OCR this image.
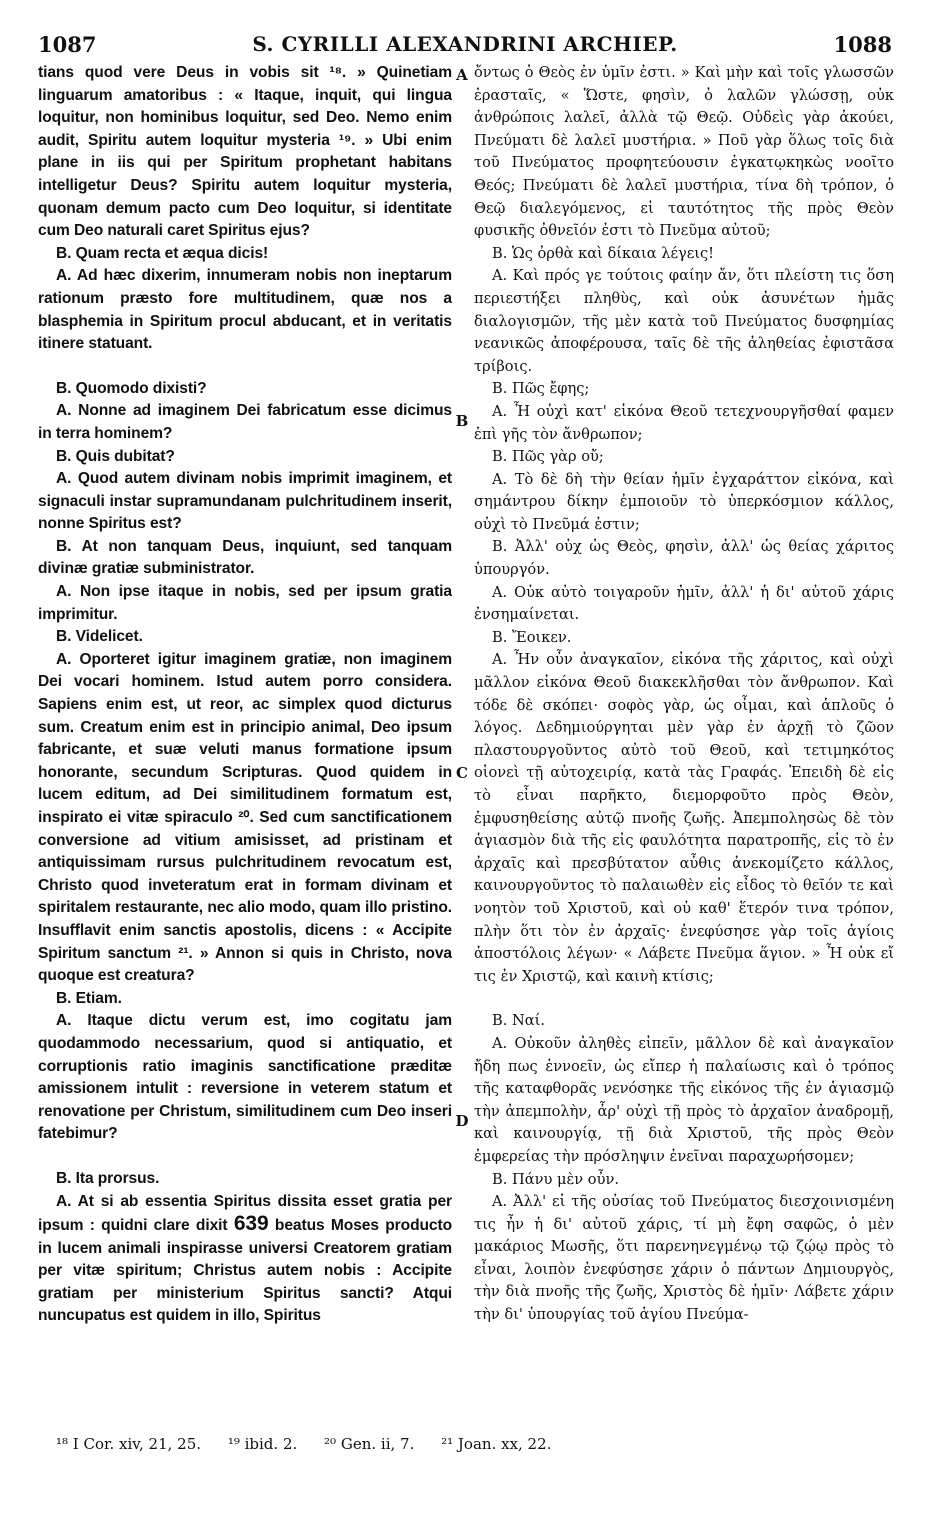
1087	S. CYRILLI ALEXANDRINI ARCHIEP.	1088

tians quod vere Deus in vobis sit ¹⁸. » Quinetiam linguarum amatoribus : « Itaque, inquit, qui lingua loquitur, non hominibus loquitur, sed Deo. Nemo enim audit, Spiritu autem loquitur mysteria ¹⁹. » Ubi enim plane in iis qui per Spiritum prophetant habitans intelligetur Deus? Spiritu autem loquitur mysteria, quonam demum pacto cum Deo loquitur, si identitate cum Deo naturali caret Spiritus ejus?

B. Quam recta et æqua dicis!

A. Ad hæc dixerim, innumeram nobis non ineptarum rationum præsto fore multitudinem, quæ nos a blasphemia in Spiritum procul abducant, et in veritatis itinere statuant.

B. Quomodo dixisti?

A. Nonne ad imaginem Dei fabricatum esse dicimus in terra hominem?

B. Quis dubitat?

A. Quod autem divinam nobis imprimit imaginem, et signaculi instar supramundanam pulchritudinem inserit, nonne Spiritus est?

B. At non tanquam Deus, inquiunt, sed tanquam divinæ gratiæ subministrator.

A. Non ipse itaque in nobis, sed per ipsum gratia imprimitur.

B. Videlicet.

A. Oporteret igitur imaginem gratiæ, non imaginem Dei vocari hominem. Istud autem porro considera. Sapiens enim est, ut reor, ac simplex quod dicturus sum. Creatum enim est in principio animal, Deo ipsum fabricante, et suæ veluti manus formatione ipsum honorante, secundum Scripturas. Quod quidem in lucem editum, ad Dei similitudinem formatum est, inspirato ei vitæ spiraculo ²⁰. Sed cum sanctificationem conversione ad vitium amisisset, ad pristinam et antiquissimam rursus pulchritudinem revocatum est, Christo quod inveteratum erat in formam divinam et spiritalem restaurante, nec alio modo, quam illo pristino. Insufflavit enim sanctis apostolis, dicens : « Accipite Spiritum sanctum ²¹. » Annon si quis in Christo, nova quoque est creatura?

B. Etiam.

A. Itaque dictu verum est, imo cogitatu jam quodammodo necessarium, quod si antiquatio, et corruptionis ratio imaginis sanctificatione præditæ amissionem intulit : reversione in veterem statum et renovatione per Christum, similitudinem cum Deo inseri fatebimur?

B. Ita prorsus.

A. At si ab essentia Spiritus dissita esset gratia per ipsum : quidni clare dixit 639 beatus Moses producto in lucem animali inspirasse universi Creatorem gratiam per vitæ spiritum; Christus autem nobis : Accipite gratiam per ministerium Spiritus sancti? Atqui nuncupatus est quidem in illo, Spiritus

A
B
C
D

ὄντως ὁ Θεὸς ἐν ὑμῖν ἐστι. » Καὶ μὴν καὶ τοῖς γλωσσῶν ἐρασταῖς, « Ὥστε, φησὶν, ὁ λαλῶν γλώσσῃ, οὐκ ἀνθρώποις λαλεῖ, ἀλλὰ τῷ Θεῷ. Οὐδεὶς γὰρ ἀκούει, Πνεύματι δὲ λαλεῖ μυστήρια. » Ποῦ γὰρ ὅλως τοῖς διὰ τοῦ Πνεύματος προφητεύουσιν ἐγκατῳκηκὼς νοοῖτο Θεός; Πνεύματι δὲ λαλεῖ μυστήρια, τίνα δὴ τρόπον, ὁ Θεῷ διαλεγόμενος, εἰ ταυτότητος τῆς πρὸς Θεὸν φυσικῆς ὀθνεῖόν ἐστι τὸ Πνεῦμα αὐτοῦ;

Β. Ὡς ὀρθὰ καὶ δίκαια λέγεις!

Α. Καὶ πρός γε τούτοις φαίην ἄν, ὅτι πλείστη τις ὅση περιεστήξει πληθὺς, καὶ οὐκ ἀσυνέτων ἡμᾶς διαλογισμῶν, τῆς μὲν κατὰ τοῦ Πνεύματος δυσφημίας νεανικῶς ἀποφέρουσα, ταῖς δὲ τῆς ἀληθείας ἐφιστᾶσα τρίβοις.

Β. Πῶς ἔφης;

Α. Ἦ οὐχὶ κατ' εἰκόνα Θεοῦ τετεχνουργῆσθαί φαμεν ἐπὶ γῆς τὸν ἄνθρωπον;

Β. Πῶς γὰρ οὔ;

Α. Τὸ δὲ δὴ τὴν θείαν ἡμῖν ἐγχαράττον εἰκόνα, καὶ σημάντρου δίκην ἐμποιοῦν τὸ ὑπερκόσμιον κάλλος, οὐχὶ τὸ Πνεῦμά ἐστιν;

Β. Ἀλλ' οὐχ ὡς Θεὸς, φησὶν, ἀλλ' ὡς θείας χάριτος ὑπουργόν.

Α. Οὐκ αὐτὸ τοιγαροῦν ἡμῖν, ἀλλ' ἡ δι' αὐτοῦ χάρις ἐνσημαίνεται.

Β. Ἔοικεν.

Α. Ἦν οὖν ἀναγκαῖον, εἰκόνα τῆς χάριτος, καὶ οὐχὶ μᾶλλον εἰκόνα Θεοῦ διακεκλῆσθαι τὸν ἄνθρωπον. Καὶ τόδε δὲ σκόπει· σοφὸς γὰρ, ὡς οἶμαι, καὶ ἁπλοῦς ὁ λόγος. Δεδημιούργηται μὲν γὰρ ἐν ἀρχῇ τὸ ζῶον πλαστουργοῦντος αὐτὸ τοῦ Θεοῦ, καὶ τετιμηκότος οἱονεὶ τῇ αὐτοχειρίᾳ, κατὰ τὰς Γραφάς. Ἐπειδὴ δὲ εἰς τὸ εἶναι παρῆκτο, διεμορφοῦτο πρὸς Θεὸν, ἐμφυσηθείσης αὐτῷ πνοῆς ζωῆς. Ἀπεμπολησὼς δὲ τὸν ἁγιασμὸν διὰ τῆς εἰς φαυλότητα παρατροπῆς, εἰς τὸ ἐν ἀρχαῖς καὶ πρεσβύτατον αὖθις ἀνεκομίζετο κάλλος, καινουργοῦντος τὸ παλαιωθὲν εἰς εἶδος τὸ θεῖόν τε καὶ νοητὸν τοῦ Χριστοῦ, καὶ οὐ καθ' ἕτερόν τινα τρόπον, πλὴν ὅτι τὸν ἐν ἀρχαῖς· ἐνεφύσησε γὰρ τοῖς ἁγίοις ἀποστόλοις λέγων· « Λάβετε Πνεῦμα ἅγιον. » Ἦ οὐκ εἴ τις ἐν Χριστῷ, καὶ καινὴ κτίσις;

Β. Ναί.

Α. Οὐκοῦν ἀληθὲς εἰπεῖν, μᾶλλον δὲ καὶ ἀναγκαῖον ἤδη πως ἐννοεῖν, ὡς εἴπερ ἡ παλαίωσις καὶ ὁ τρόπος τῆς καταφθορᾶς νενόσηκε τῆς εἰκόνος τῆς ἐν ἁγιασμῷ τὴν ἀπεμπολὴν, ἆρ' οὐχὶ τῇ πρὸς τὸ ἀρχαῖον ἀναδρομῇ, καὶ καινουργίᾳ, τῇ διὰ Χριστοῦ, τῆς πρὸς Θεὸν ἐμφερείας τὴν πρόσληψιν ἐνεῖναι παραχωρήσομεν;

Β. Πάνυ μὲν οὖν.

Α. Ἀλλ' εἰ τῆς οὐσίας τοῦ Πνεύματος διεσχοινισμένη τις ἦν ἡ δι' αὐτοῦ χάρις, τί μὴ ἔφη σαφῶς, ὁ μὲν μακάριος Μωσῆς, ὅτι παρενηνεγμένῳ τῷ ζῴῳ πρὸς τὸ εἶναι, λοιπὸν ἐνεφύσησε χάριν ὁ πάντων Δημιουργὸς, τὴν διὰ πνοῆς τῆς ζωῆς, Χριστὸς δὲ ἡμῖν· Λάβετε χάριν τὴν δι' ὑπουργίας τοῦ ἁγίου Πνεύμα-

¹⁸ I Cor. xiv, 21, 25. ¹⁹ ibid. 2. ²⁰ Gen. ii, 7. ²¹ Joan. xx, 22.
